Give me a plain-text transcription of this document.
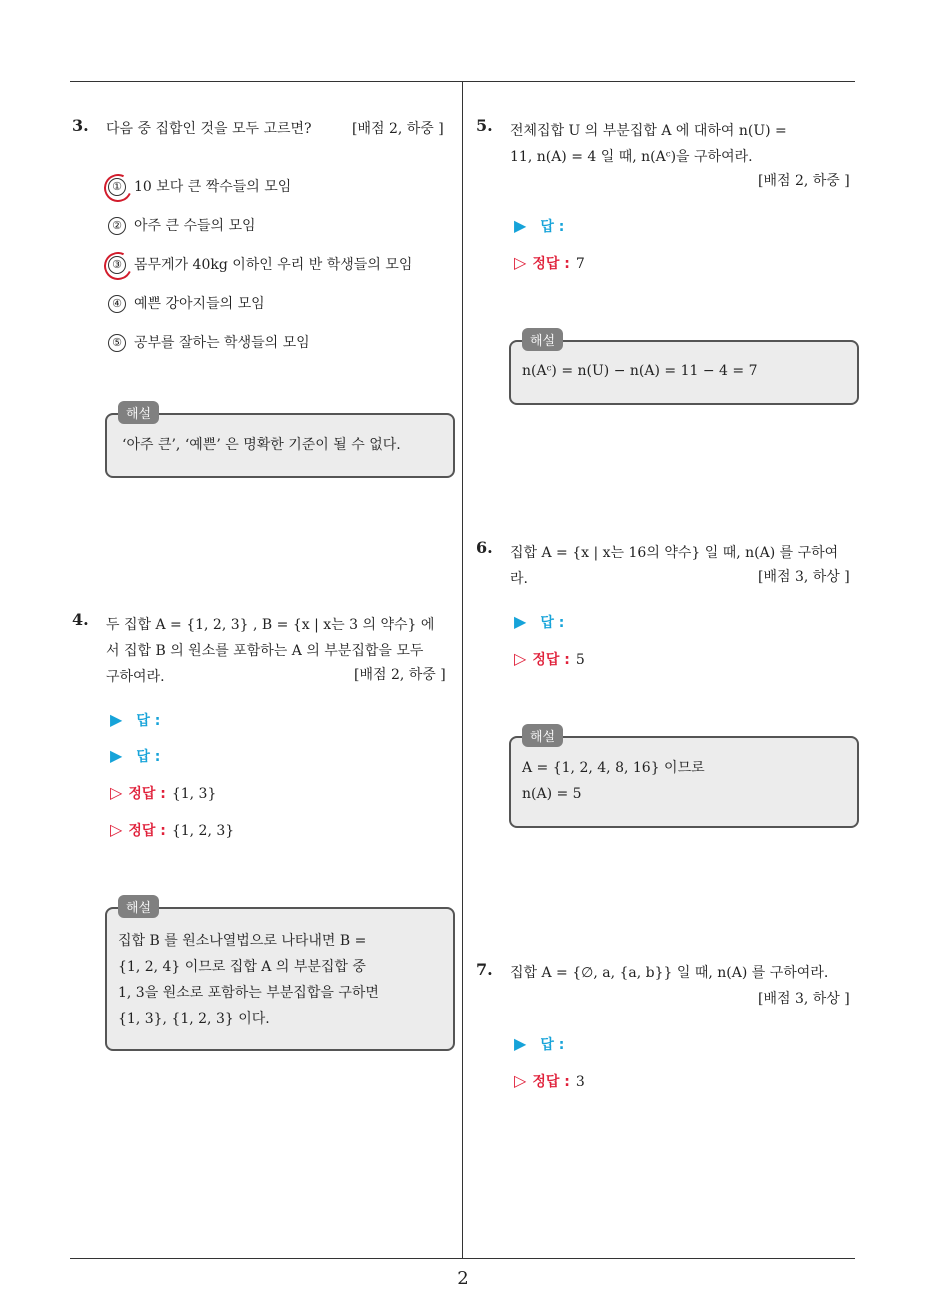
3. 다음 중 집합인 것을 모두 고르면?	[배점 2, 하중 ]
① 10 보다 큰 짝수들의 모임
② 아주 큰 수들의 모임
③ 몸무게가 40kg 이하인 우리 반 학생들의 모임
④ 예쁜 강아지들의 모임
⑤ 공부를 잘하는 학생들의 모임
해설
‘아주 큰’, ‘예쁜’ 은 명확한 기준이 될 수 없다.
4. 두 집합 A = {1, 2, 3} , B = {x | x는 3 의 약수} 에
서 집합 B 의 원소를 포함하는 A 의 부분집합을 모두
구하여라.	[배점 2, 하중 ]
▶ 답 :
▶ 답 :
▷ 정답 : {1, 3}
▷ 정답 : {1, 2, 3}
해설
집합 B 를 원소나열법으로 나타내면 B =
{1, 2, 4} 이므로 집합 A 의 부분집합 중
1, 3을 원소로 포함하는 부분집합을 구하면
{1, 3}, {1, 2, 3} 이다.
5. 전체집합 U 의 부분집합 A 에 대하여 n(U) =
11, n(A) = 4 일 때, n(Aᶜ)을 구하여라.
[배점 2, 하중 ]
▶ 답 :
▷ 정답 : 7
해설
n(Aᶜ) = n(U) − n(A) = 11 − 4 = 7
6. 집합 A = {x | x는 16의 약수} 일 때, n(A) 를 구하여
라.	[배점 3, 하상 ]
▶ 답 :
▷ 정답 : 5
해설
A = {1, 2, 4, 8, 16} 이므로
n(A) = 5
7. 집합 A = {∅, a, {a, b}} 일 때, n(A) 를 구하여라.
[배점 3, 하상 ]
▶ 답 :
▷ 정답 : 3
2
